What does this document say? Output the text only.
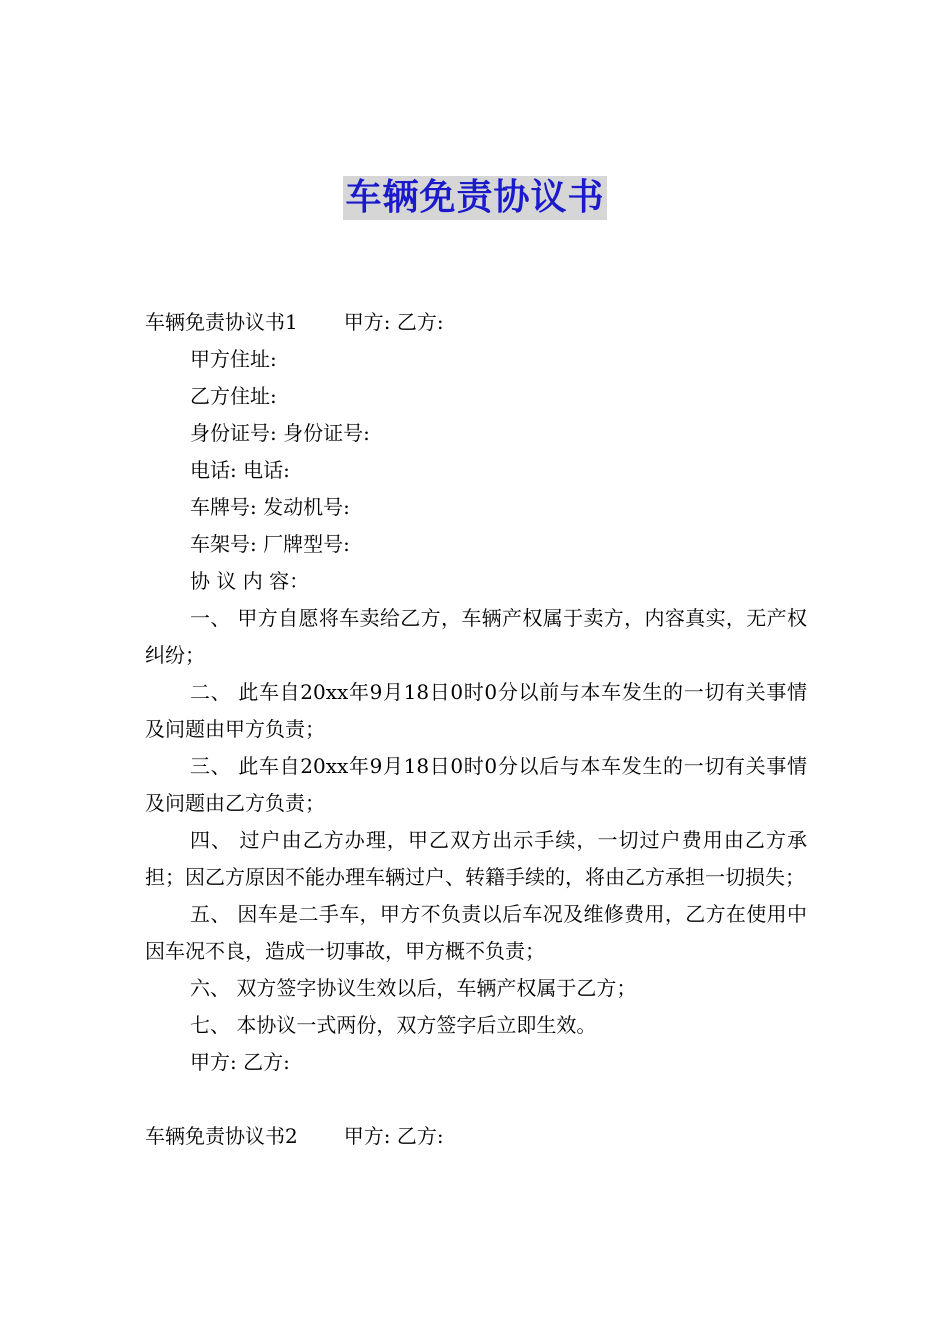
车辆免责协议书

车辆免责协议书1 甲方: 乙方:

甲方住址:

乙方住址:

身份证号: 身份证号:

电话: 电话:

车牌号: 发动机号:

车架号: 厂牌型号:

协 议 内 容：

一、 甲方自愿将车卖给乙方，车辆产权属于卖方，内容真实，无产权纠纷；

二、 此车自20xx年9月18日0时0分以前与本车发生的一切有关事情及问题由甲方负责；

三、 此车自20xx年9月18日0时0分以后与本车发生的一切有关事情及问题由乙方负责；

四、 过户由乙方办理，甲乙双方出示手续，一切过户费用由乙方承担；因乙方原因不能办理车辆过户、转籍手续的，将由乙方承担一切损失；

五、 因车是二手车，甲方不负责以后车况及维修费用，乙方在使用中因车况不良，造成一切事故，甲方概不负责；

六、 双方签字协议生效以后，车辆产权属于乙方；

七、 本协议一式两份，双方签字后立即生效。

甲方: 乙方:

车辆免责协议书2 甲方: 乙方:
